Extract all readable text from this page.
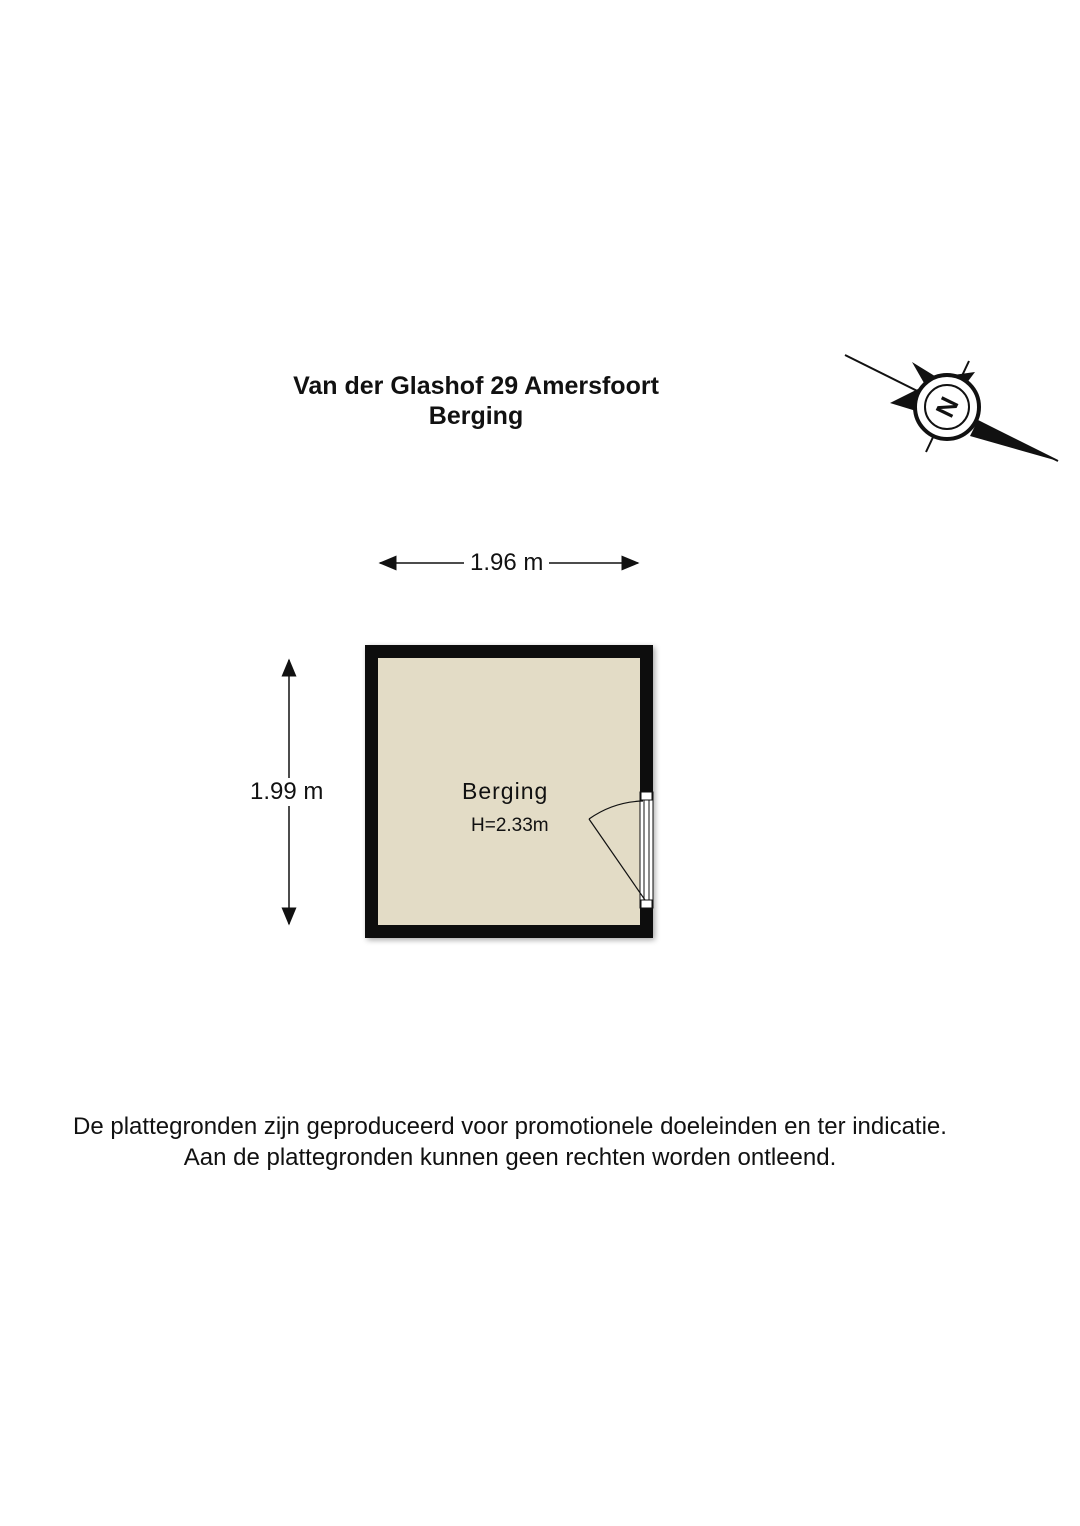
N
Van der Glashof 29 Amersfoort
Berging
1.96 m
1.99 m	Berging
H=2.33m
De plattegronden zijn geproduceerd voor promotionele doeleinden en ter indicatie.
Aan de plattegronden kunnen geen rechten worden ontleend.
